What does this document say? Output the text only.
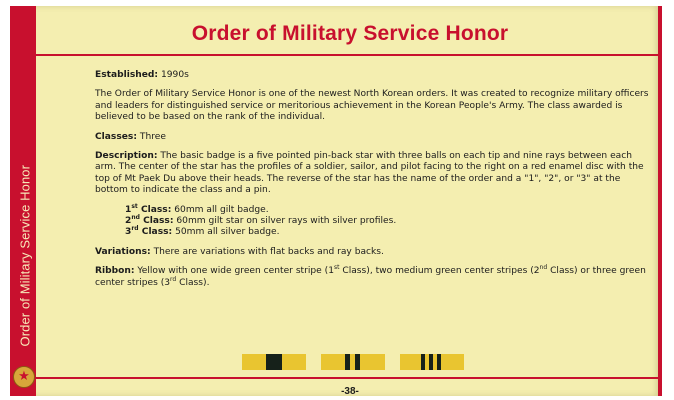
Order of Military Service Honor
★
Order of Military Service Honor
Established: 1990s
The Order of Military Service Honor is one of the newest North Korean orders. It was created to recognize military officers and leaders for distinguished service or meritorious achievement in the Korean People's Army. The class awarded is believed to be based on the rank of the individual.
Classes: Three
Description: The basic badge is a five pointed pin-back star with three balls on each tip and nine rays between each arm. The center of the star has the profiles of a soldier, sailor, and pilot facing to the right on a red enamel disc with the top of Mt Paek Du above their heads. The reverse of the star has the name of the order and a "1", "2", or "3" at the bottom to indicate the class and a pin.
1st Class: 60mm all gilt badge.
2nd Class: 60mm gilt star on silver rays with silver profiles.
3rd Class: 50mm all silver badge.
Variations: There are variations with flat backs and ray backs.
Ribbon: Yellow with one wide green center stripe (1st Class), two medium green center stripes (2nd Class) or three green center stripes (3rd Class).
-38-
